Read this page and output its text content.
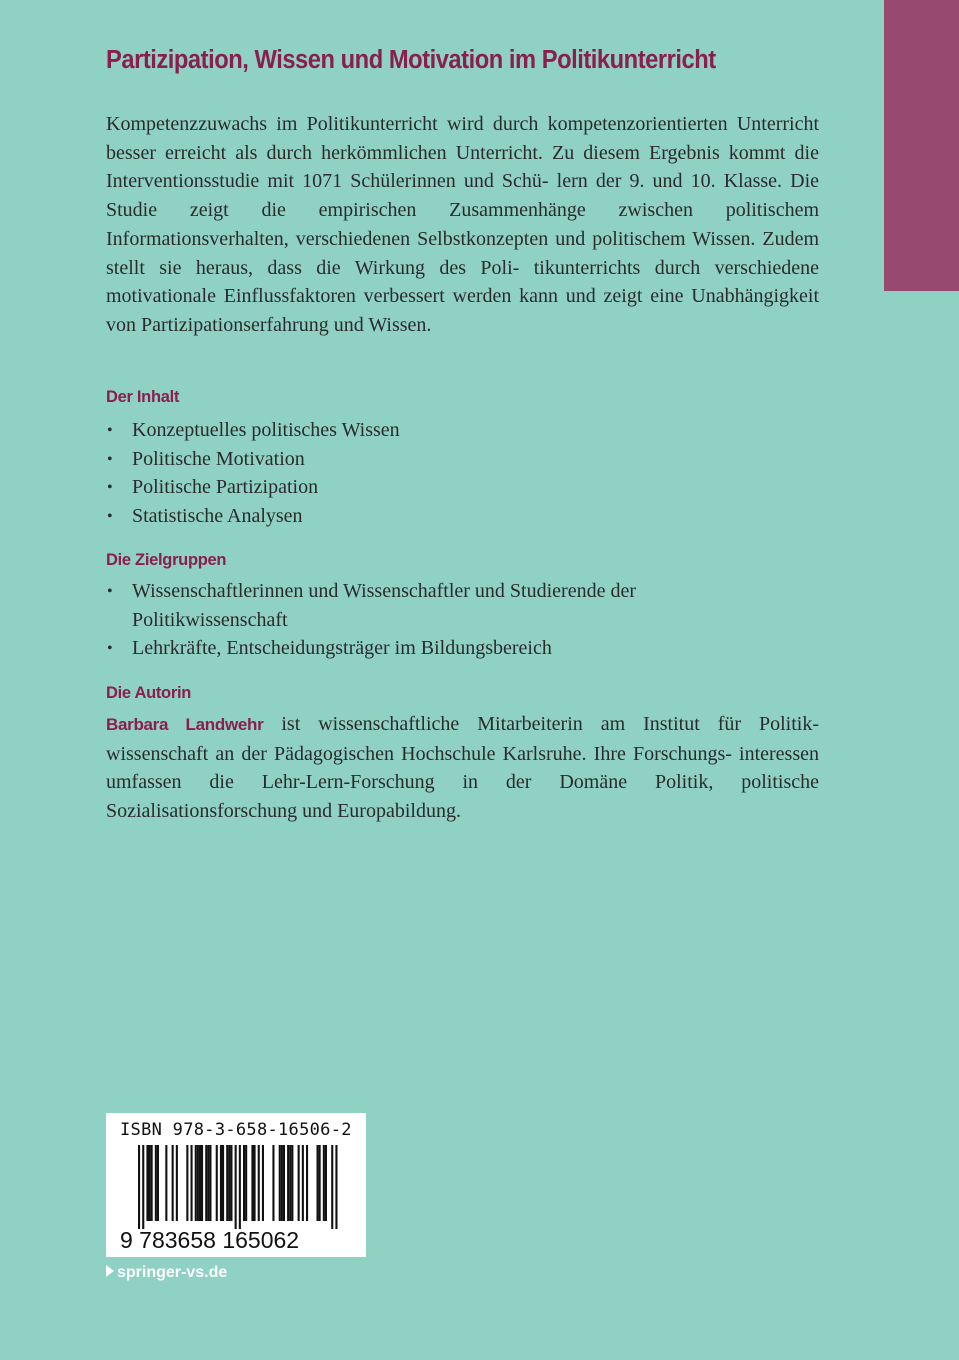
Partizipation, Wissen und Motivation im Politikunterricht

Kompetenzzuwachs im Politikunterricht wird durch kompetenzorientierten Unterricht besser erreicht als durch herkömmlichen Unterricht. Zu diesem Ergebnis kommt die Interventionsstudie mit 1071 Schülerinnen und Schü- lern der 9. und 10. Klasse. Die Studie zeigt die empirischen Zusammenhänge zwischen politischem Informationsverhalten, verschiedenen Selbstkonzepten und politischem Wissen. Zudem stellt sie heraus, dass die Wirkung des Poli- tikunterrichts durch verschiedene motivationale Einflussfaktoren verbessert werden kann und zeigt eine Unabhängigkeit von Partizipationserfahrung und Wissen.

Der Inhalt
• Konzeptuelles politisches Wissen
• Politische Motivation
• Politische Partizipation
• Statistische Analysen
Die Zielgruppen
• Wissenschaftlerinnen und Wissenschaftler und Studierende der Politikwissenschaft
• Lehrkräfte, Entscheidungsträger im Bildungsbereich
Die Autorin

Barbara Landwehr ist wissenschaftliche Mitarbeiterin am Institut für Politik- wissenschaft an der Pädagogischen Hochschule Karlsruhe. Ihre Forschungs- interessen umfassen die Lehr-Lern-Forschung in der Domäne Politik, politische Sozialisationsforschung und Europabildung.

ISBN 978-3-658-16506-2
9 783658 165062
springer-vs.de
